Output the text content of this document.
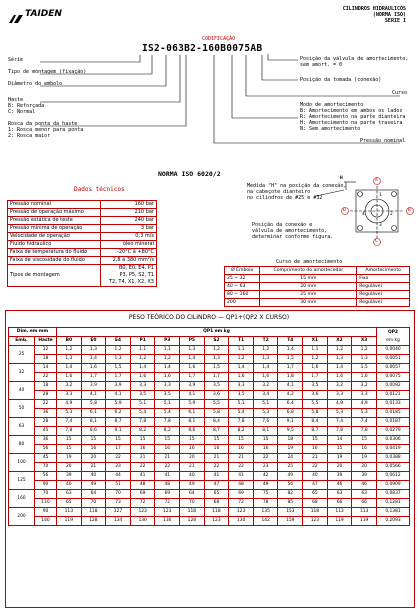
TAIDEN	CILINDROS HIDRAULICOS
(NORMA ISO)
SERIE I
CODIFICAÇÃO
IS2-063B2-160B0075AB
Série
Tipo de montagem (fixação)
Diâmetro do embolo
Haste
B: Reforçada
C: Normal
Rosca da ponta da haste
1: Rosca menor para ponta
2: Rosca maior
Posição da válvula de amortecimento,
sem amort. = 0
Posição da tomada (conexão)
Curso
Modo de amortecimento
B: Amortecimento em ambos os lados
R: Amortecimento na parte dianteira
H: Amortecimento na parte traseira
N: Sem amortecimento
Pressão nominal
NORMA ISO 6020/2
Dados técnicos
Pressão nominal	160 bar
Pressão de operação máximo	210 bar
Pressão estática de teste	240 bar
Pressão mínima de operação	3 bar
Velocidade de operação	0,3 m/s
Fluido hidraulico	óleo mineral
Faixa de temperatura do fluido	-20°C à +80°C
Faixa de viscosidade do fluido	2,8 à 380 mm²/s
Tipos de montagem	B0, E0, E4, P1
P3, P5, S2, T1
T2, T4, X1, X2, X3
Medida "H" na posição da conexão,
na cabeçote dianteiro
no cilindros de #25 e #32
Posição da conexão e
válvula de amortecimento,
determinar conforme figura.
H	A
B
C
D
1
2
3
4
Curso de amortecimento
Ø Êmbolo	Comprimento do amortecedor	Amortecimento
25 ~ 32	15 mm	Fixo
40 ~ 63	20 mm	Regulável
80 ~ 160	25 mm	Regulável
200	30 mm	Regulável
PESO TEÓRICO DO CILINDRO — QP1+(QP2 X CURSO)
Dim. em mm		QP1 em kg													QP2
em kg

Emb.	Haste	B0	E0	E4	P1	P3	P5	S2	T1	T2	T4	X1	X2	X3	
25	12	1,2	1,3	1,2	1,1	1,1	1,3	1,2	1,1	1,2	1,4	1,1	1,2	1,2	0,0040
	18	1,3	1,4	1,3	1,2	1,2	1,4	1,3	1,2	1,3	1,5	1,2	1,3	1,3	0,0051
32	14	1,4	1,6	1,5	1,4	1,4	1,6	1,5	1,4	1,4	1,7	1,6	1,4	1,5	0,0057
	22	1,6	1,7	1,7	1,6	1,6	1,7	1,7	1,6	1,6	1,8	1,7	1,6	1,6	0,0075
40	18	3,2	3,9	3,9	3,3	3,3	3,9	3,5	3,3	3,2	4,1	3,5	3,2	3,2	0,0092
	28	3,3	4,1	4,1	3,5	3,5	4,1	3,6	3,5	3,4	4,2	3,6	3,3	3,3	0,0121
50	22	4,9	5,8	5,9	5,1	5,1	5,9	5,5	5,1	5,1	6,4	5,5	4,9	4,9	0,0133
	36	5,3	6,1	6,2	5,4	5,4	6,1	5,8	5,4	5,3	6,8	5,8	5,3	5,3	0,0185
63	28	7,4	8,1	8,7	7,8	7,8	8,1	8,4	7,8	7,6	9,1	8,4	7,4	7,4	0,0187
	45	7,8	8,6	9,1	8,2	8,2	8,6	8,7	8,2	8,1	9,5	8,7	7,8	7,8	0,0279
80	36	15	15	15	15	15	15	15	15	15	18	15	14	15	0,0306
	56	15	16	17	16	16	16	16	16	16	19	16	15	16	0,0419
100	45	19	20	22	21	21	20	21	21	22	24	21	19	19	0,0388
	70	20	21	23	22	22	21	22	22	23	25	22	20	20	0,0566
125	56	39	40	44	41	41	40	41	41	42	49	40	39	39	0,0612
	90	40	49	51	48	48	49	47	48	49	56	47	46	46	0,0909
160	70	63	64	70	69	69	64	65	69	75	82	65	63	63	0,0837
	110	65	70	73	72	72	70	68	72	78	85	68	66	66	0,1281
200	90	113	118	127	123	123	118	118	123	135	153	118	113	113	0,1381
	140	119	128	134	130	130	128	123	130	142	159	123	119	119	0,2093
